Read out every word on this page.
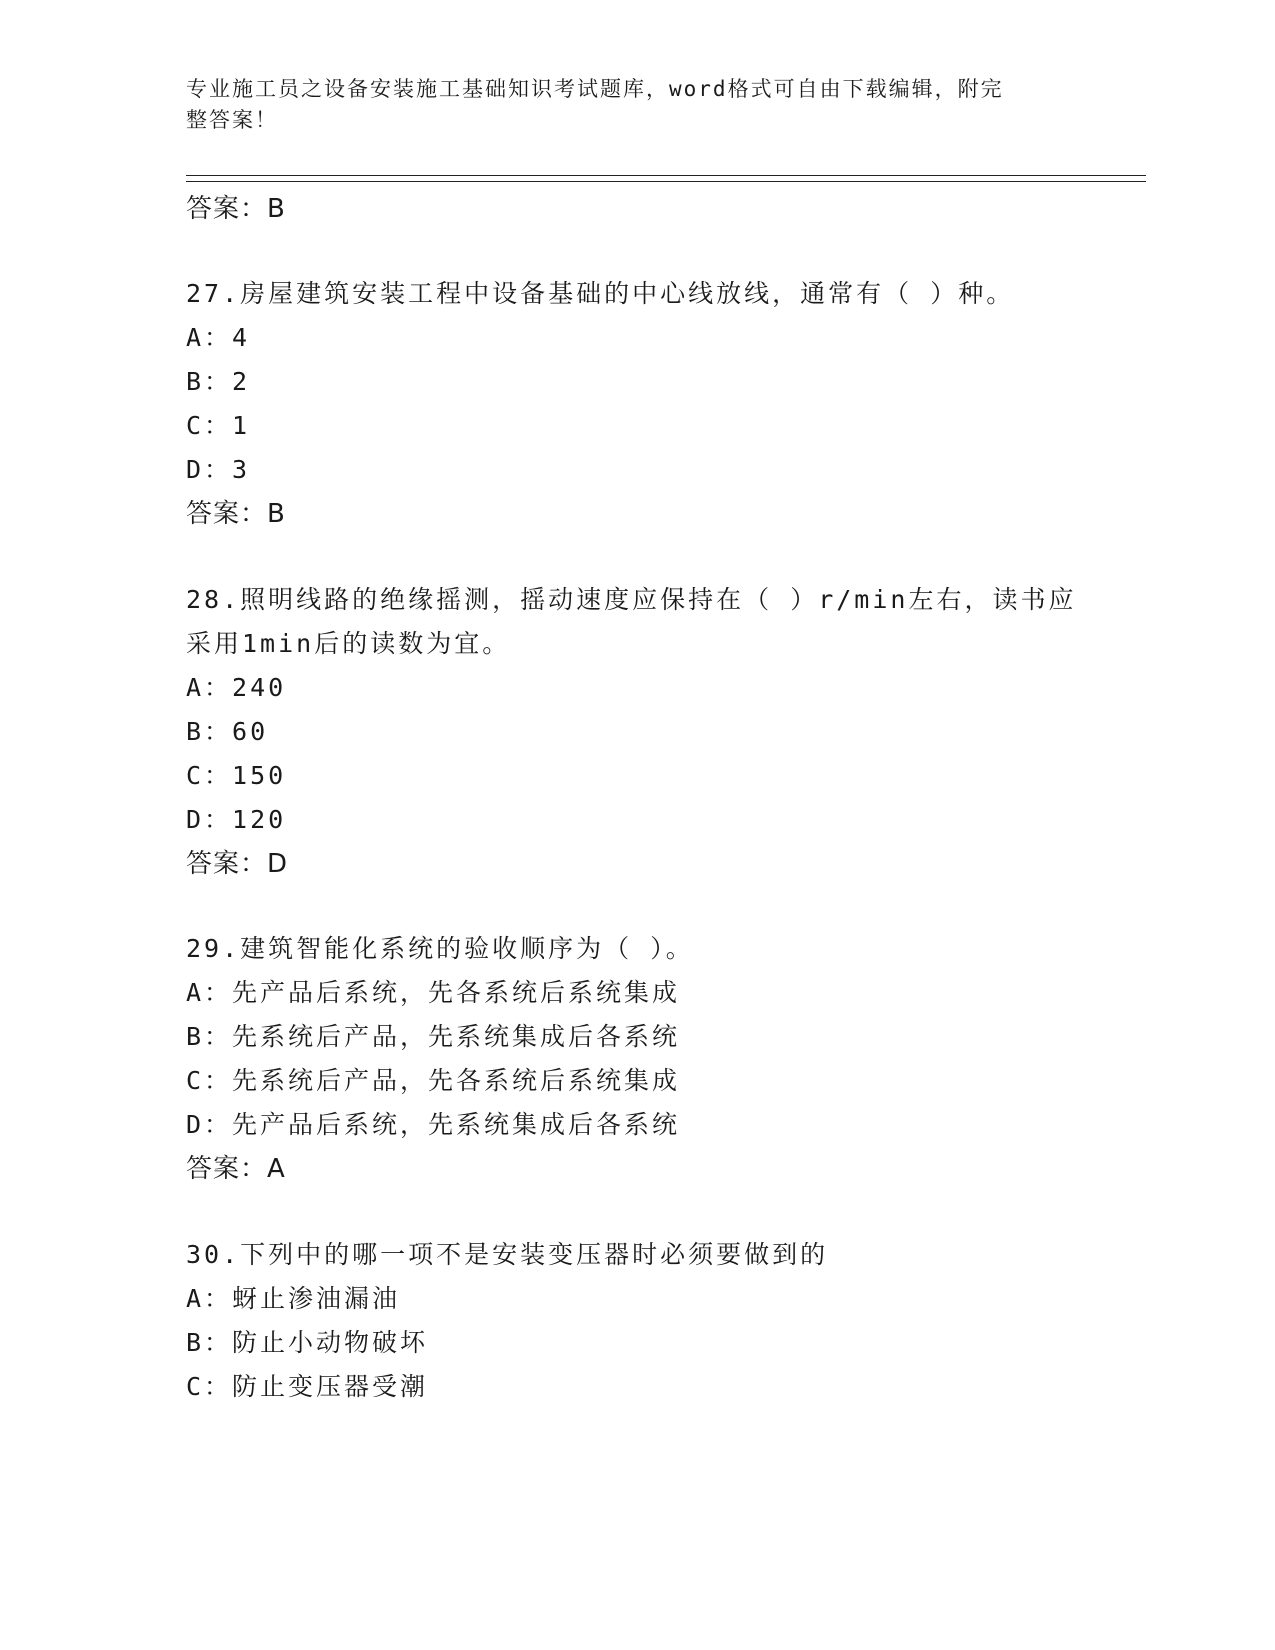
专业施工员之设备安装施工基础知识考试题库，word格式可自由下载编辑，附完
整答案！
答案：B
27.房屋建筑安装工程中设备基础的中心线放线，通常有（ ）种。
A：4
B：2
C：1
D：3
答案：B
28.照明线路的绝缘摇测，摇动速度应保持在（ ）r/min左右，读书应
采用1min后的读数为宜。
A：240
B：60
C：150
D：120
答案：D
29.建筑智能化系统的验收顺序为（ ）。
A：先产品后系统，先各系统后系统集成
B：先系统后产品，先系统集成后各系统
C：先系统后产品，先各系统后系统集成
D：先产品后系统，先系统集成后各系统
答案：A
30.下列中的哪一项不是安装变压器时必须要做到的
A：蚜止渗油漏油
B：防止小动物破坏
C：防止变压器受潮
